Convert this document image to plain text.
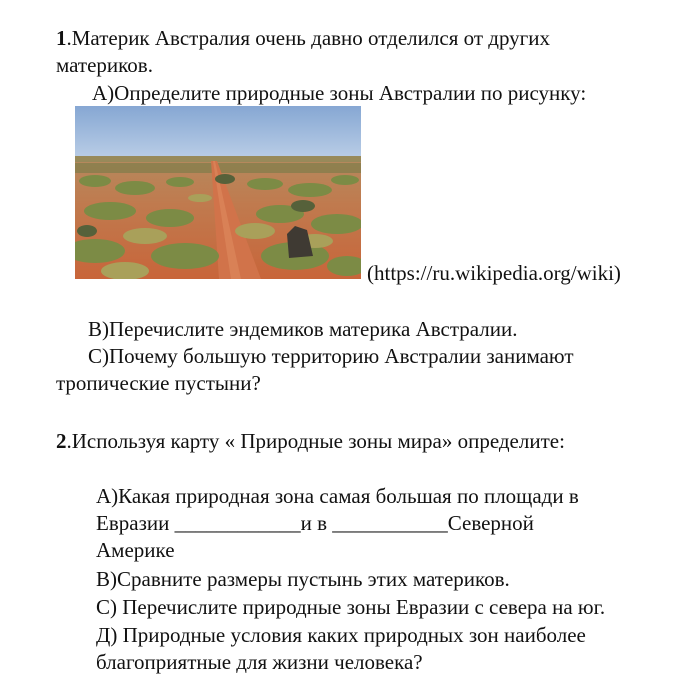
1.Материк Австралия очень давно отделился от других
материков.
А)Определите природные зоны Австралии по рисунку:
(https://ru.wikipedia.org/wiki)
В)Перечислите эндемиков материка Австралии.
С)Почему большую территорию Австралии занимают
тропические пустыни?
2.Используя карту « Природные зоны мира» определите:
А)Какая природная зона самая большая по площади в
Евразии ____________и в ___________Северной
Америке
В)Сравните размеры пустынь этих материков.
С) Перечислите природные зоны Евразии с севера на юг.
Д) Природные условия каких природных зон наиболее
благоприятные для жизни человека?
